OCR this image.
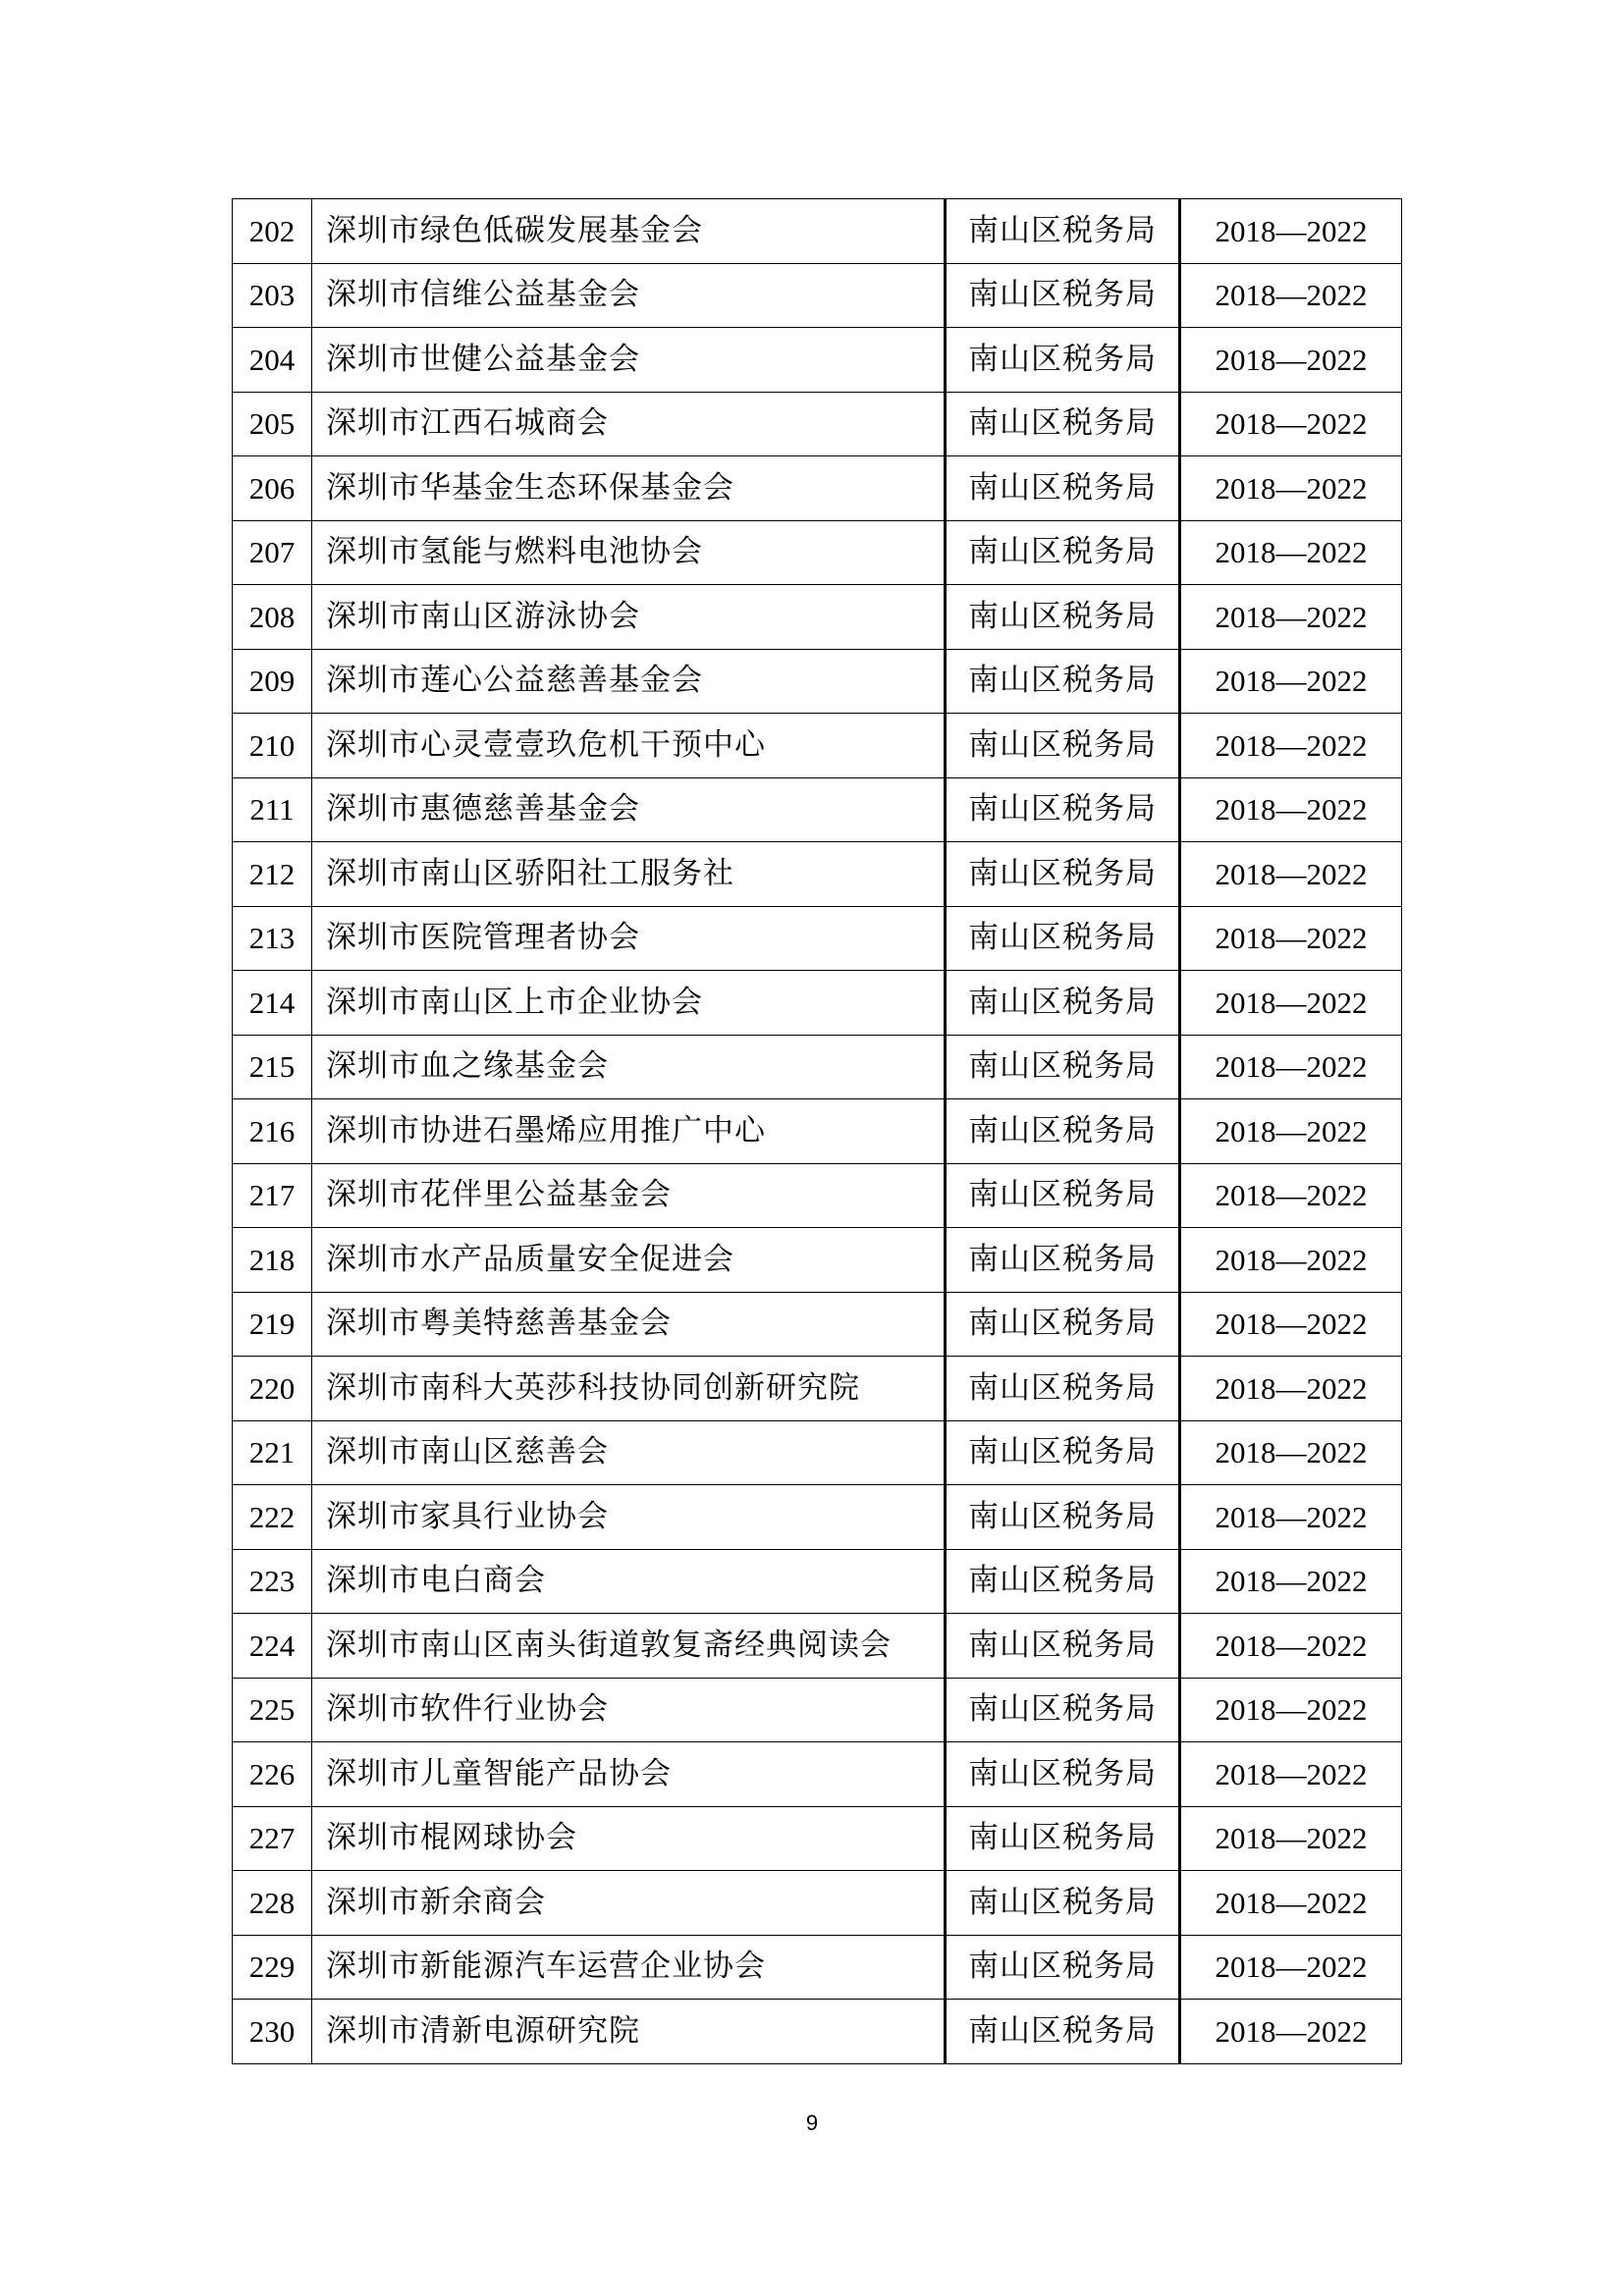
202	深圳市绿色低碳发展基金会	南山区税务局	2018—2022
203	深圳市信维公益基金会	南山区税务局	2018—2022
204	深圳市世健公益基金会	南山区税务局	2018—2022
205	深圳市江西石城商会	南山区税务局	2018—2022
206	深圳市华基金生态环保基金会	南山区税务局	2018—2022
207	深圳市氢能与燃料电池协会	南山区税务局	2018—2022
208	深圳市南山区游泳协会	南山区税务局	2018—2022
209	深圳市莲心公益慈善基金会	南山区税务局	2018—2022
210	深圳市心灵壹壹玖危机干预中心	南山区税务局	2018—2022
211	深圳市惠德慈善基金会	南山区税务局	2018—2022
212	深圳市南山区骄阳社工服务社	南山区税务局	2018—2022
213	深圳市医院管理者协会	南山区税务局	2018—2022
214	深圳市南山区上市企业协会	南山区税务局	2018—2022
215	深圳市血之缘基金会	南山区税务局	2018—2022
216	深圳市协进石墨烯应用推广中心	南山区税务局	2018—2022
217	深圳市花伴里公益基金会	南山区税务局	2018—2022
218	深圳市水产品质量安全促进会	南山区税务局	2018—2022
219	深圳市粤美特慈善基金会	南山区税务局	2018—2022
220	深圳市南科大英莎科技协同创新研究院	南山区税务局	2018—2022
221	深圳市南山区慈善会	南山区税务局	2018—2022
222	深圳市家具行业协会	南山区税务局	2018—2022
223	深圳市电白商会	南山区税务局	2018—2022
224	深圳市南山区南头街道敦复斋经典阅读会	南山区税务局	2018—2022
225	深圳市软件行业协会	南山区税务局	2018—2022
226	深圳市儿童智能产品协会	南山区税务局	2018—2022
227	深圳市棍网球协会	南山区税务局	2018—2022
228	深圳市新余商会	南山区税务局	2018—2022
229	深圳市新能源汽车运营企业协会	南山区税务局	2018—2022
230	深圳市清新电源研究院	南山区税务局	2018—2022
9
